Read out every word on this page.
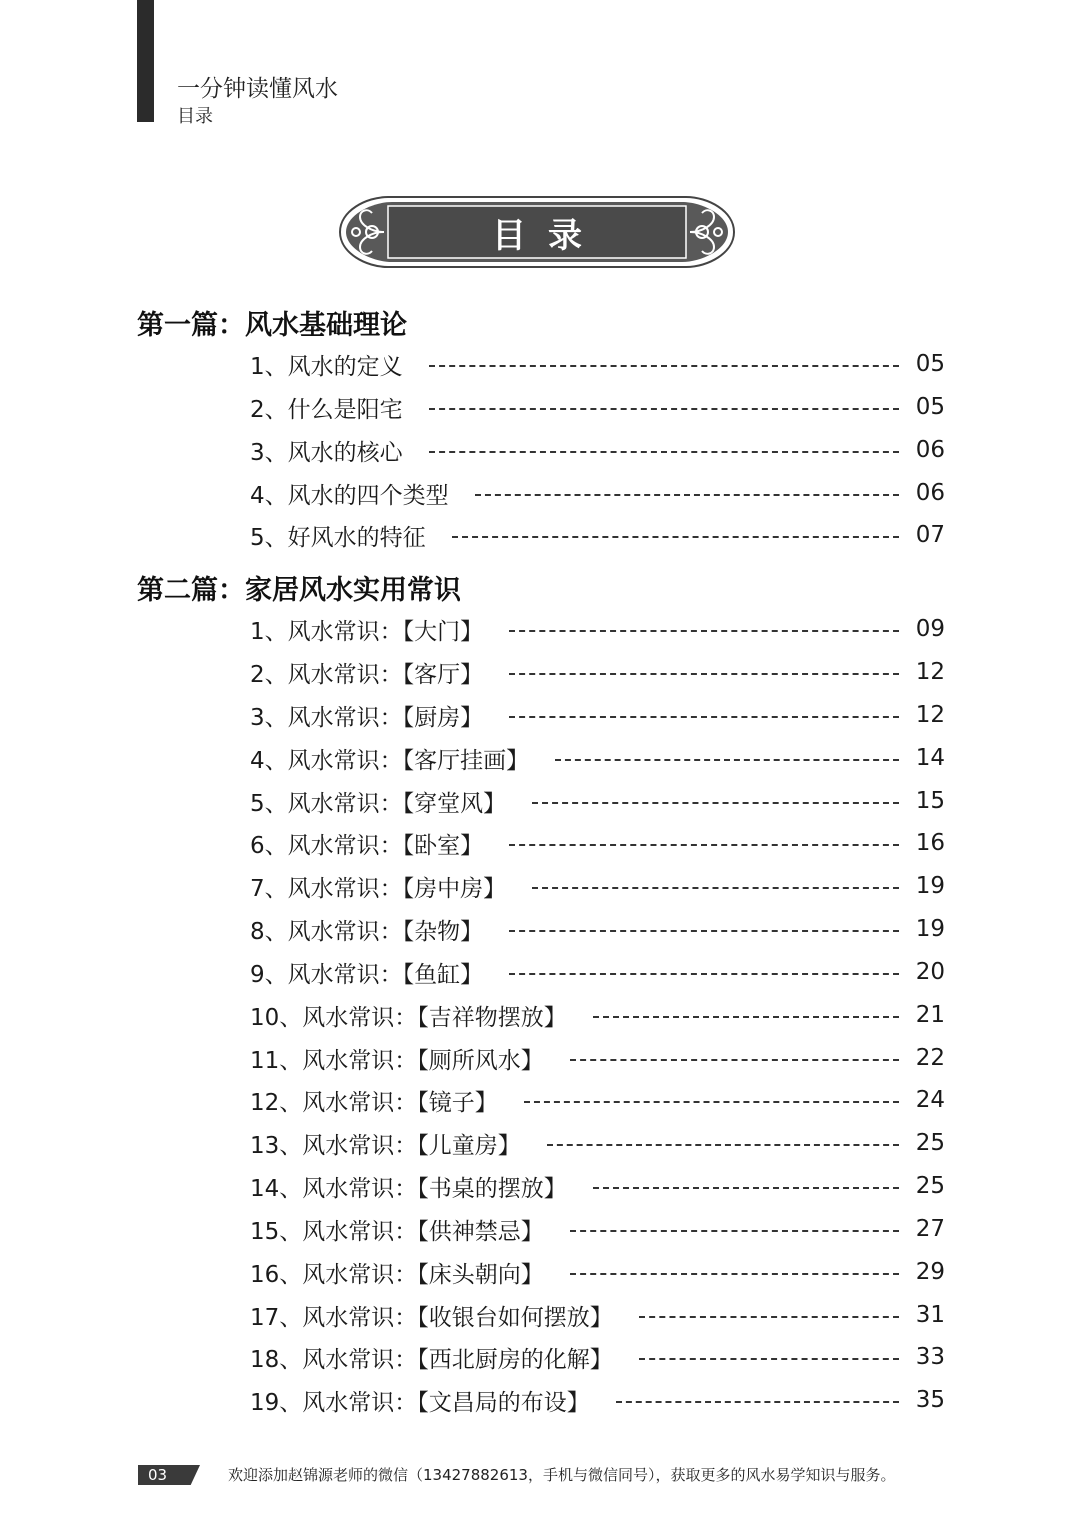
一分钟读懂风水
目录
目录
第一篇：风水基础理论
1、风水的定义	05
2、什么是阳宅	05
3、风水的核心	06
4、风水的四个类型	06
5、好风水的特征	07
第二篇：家居风水实用常识
1、风水常识：【大门】	09
2、风水常识：【客厅】	12
3、风水常识：【厨房】	12
4、风水常识：【客厅挂画】	14
5、风水常识：【穿堂风】	15
6、风水常识：【卧室】	16
7、风水常识：【房中房】	19
8、风水常识：【杂物】	19
9、风水常识：【鱼缸】	20
10、风水常识：【吉祥物摆放】	21
11、风水常识：【厕所风水】	22
12、风水常识：【镜子】	24
13、风水常识：【儿童房】	25
14、风水常识：【书桌的摆放】	25
15、风水常识：【供神禁忌】	27
16、风水常识：【床头朝向】	29
17、风水常识：【收银台如何摆放】	31
18、风水常识：【西北厨房的化解】	33
19、风水常识：【文昌局的布设】	35
03	欢迎添加赵锦源老师的微信（13427882613，手机与微信同号），获取更多的风水易学知识与服务。
